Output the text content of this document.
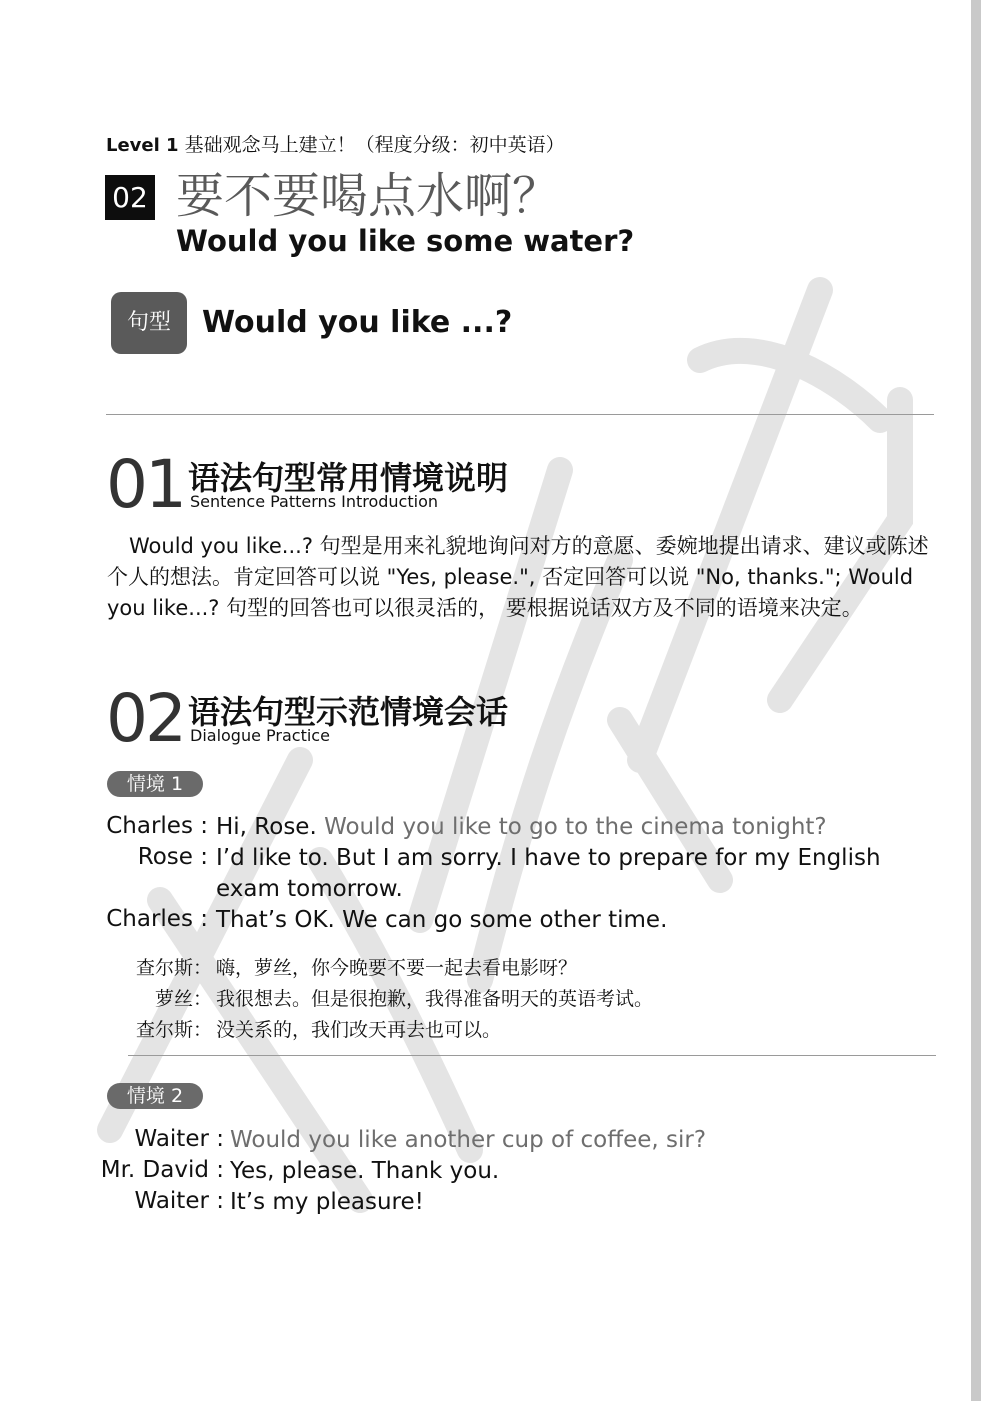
Level 1 基础观念马上建立！（程度分级：初中英语）
02 要不要喝点水啊？
Would you like some water?
句型	Would you like ...?
01 语法句型常用情境说明
Sentence Patterns Introduction
Would you like...? 句型是用来礼貌地询问对方的意愿、委婉地提出请求、建议或陈述个人的想法。肯定回答可以说 "Yes, please.", 否定回答可以说 "No, thanks."; Would you like...? 句型的回答也可以很灵活的， 要根据说话双方及不同的语境来决定。
02 语法句型示范情境会话
Dialogue Practice
情境 1
Charles : Hi, Rose. Would you like to go to the cinema tonight?
Rose : I’d like to. But I am sorry. I have to prepare for my English exam tomorrow.
Charles : That’s OK. We can go some other time.
查尔斯： 嗨，萝丝，你今晚要不要一起去看电影呀？
萝丝： 我很想去。但是很抱歉，我得准备明天的英语考试。
查尔斯： 没关系的，我们改天再去也可以。
情境 2
Waiter : Would you like another cup of coffee, sir?
Mr. David : Yes, please. Thank you.
Waiter : It’s my pleasure!
